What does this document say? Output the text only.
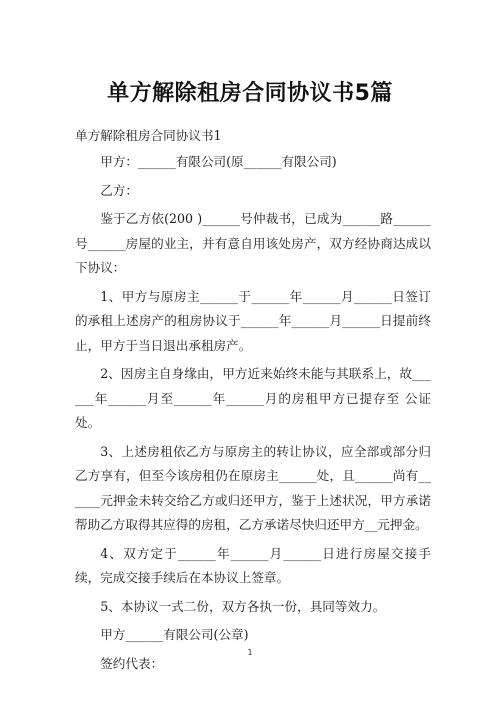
单方解除租房合同协议书5篇

单方解除租房合同协议书1

甲方：______有限公司(原______有限公司)

乙方：

鉴于乙方依(200 )______号仲裁书，已成为______路______号______房屋的业主，并有意自用该处房产，双方经协商达成以下协议：

1、甲方与原房主______于______年______月______日签订的承租上述房产的租房协议于______年______月______日提前终止，甲方于当日退出承租房产。

2、因房主自身缘由，甲方近来始终未能与其联系上，故______年______月至______年______月的房租甲方已提存至 公证处。

3、上述房租依乙方与原房主的转让协议，应全部或部分归乙方享有，但至今该房租仍在原房主______处，且______尚有______元押金未转交给乙方或归还甲方，鉴于上述状况，甲方承诺帮助乙方取得其应得的房租，乙方承诺尽快归还甲方__元押金。

4、双方定于______年______月______日进行房屋交接手续，完成交接手续后在本协议上签章。

5、本协议一式二份，双方各执一份，具同等效力。

甲方______有限公司(公章)

签约代表：

1
